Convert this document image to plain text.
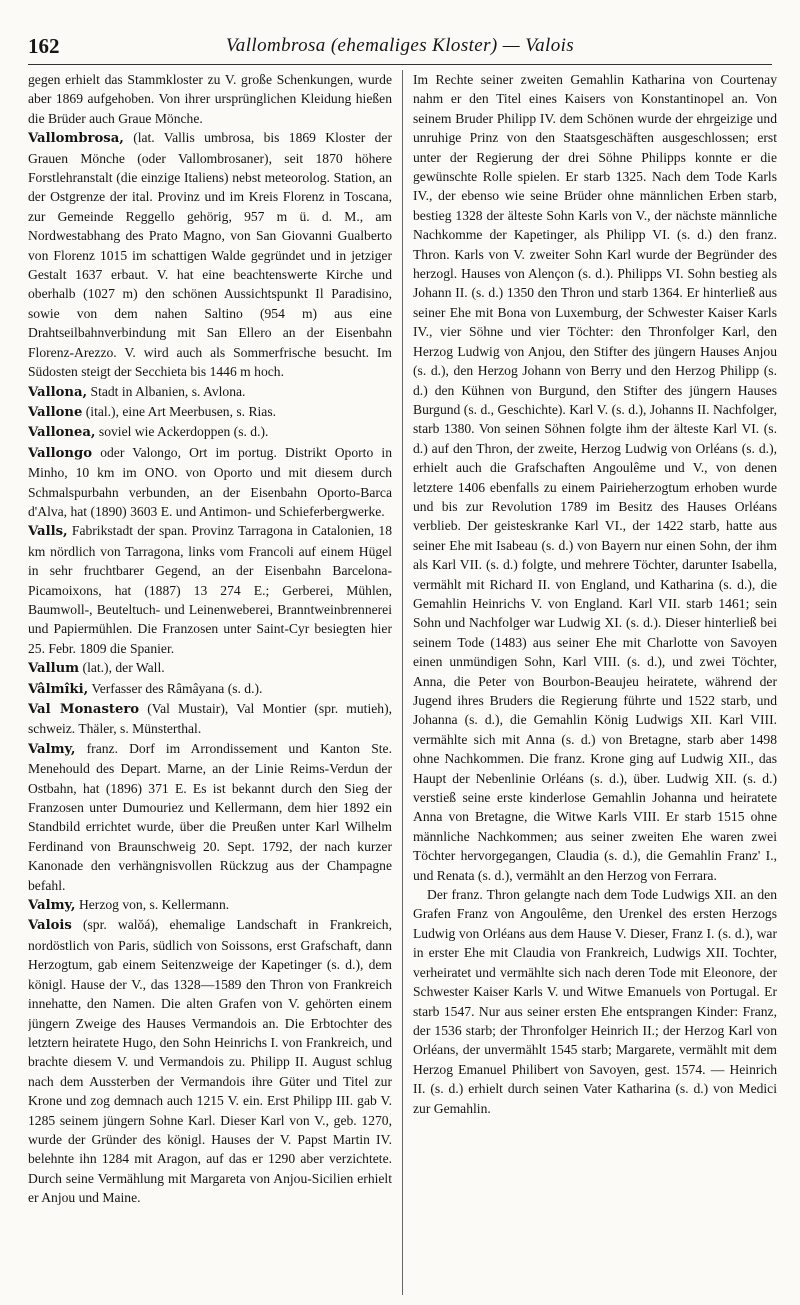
162	Vallombrosa (ehemaliges Kloster) — Valois

gegen erhielt das Stammkloster zu V. große Schenkungen, wurde aber 1869 aufgehoben. Von ihrer ursprünglichen Kleidung hießen die Brüder auch Graue Mönche.

Vallombrosa, (lat. Vallis umbrosa, bis 1869 Kloster der Grauen Mönche (oder Vallombrosaner), seit 1870 höhere Forstlehranstalt (die einzige Italiens) nebst meteorolog. Station, an der Ostgrenze der ital. Provinz und im Kreis Florenz in Toscana, zur Gemeinde Reggello gehörig, 957 m ü. d. M., am Nordwestabhang des Prato Magno, von San Giovanni Gualberto von Florenz 1015 im schattigen Walde gegründet und in jetziger Gestalt 1637 erbaut. V. hat eine beachtenswerte Kirche und oberhalb (1027 m) den schönen Aussichtspunkt Il Paradisino, sowie von dem nahen Saltino (954 m) aus eine Drahtseilbahnverbindung mit San Ellero an der Eisenbahn Florenz-Arezzo. V. wird auch als Sommerfrische besucht. Im Südosten steigt der Secchieta bis 1446 m hoch.

Vallona, Stadt in Albanien, s. Avlona.

Vallone (ital.), eine Art Meerbusen, s. Rias.

Vallonea, soviel wie Ackerdoppen (s. d.).

Vallongo oder Valongo, Ort im portug. Distrikt Oporto in Minho, 10 km im ONO. von Oporto und mit diesem durch Schmalspurbahn verbunden, an der Eisenbahn Oporto-Barca d'Alva, hat (1890) 3603 E. und Antimon- und Schieferbergwerke.

Valls, Fabrikstadt der span. Provinz Tarragona in Catalonien, 18 km nördlich von Tarragona, links vom Francoli auf einem Hügel in sehr fruchtbarer Gegend, an der Eisenbahn Barcelona-Picamoixons, hat (1887) 13 274 E.; Gerberei, Mühlen, Baumwoll-, Beuteltuch- und Leinenweberei, Branntweinbrennerei und Papiermühlen. Die Franzosen unter Saint-Cyr besiegten hier 25. Febr. 1809 die Spanier.

Vallum (lat.), der Wall.

Vâlmîki, Verfasser des Râmâyana (s. d.).

Val Monastero (Val Mustair), Val Montier (spr. mutieh), schweiz. Thäler, s. Münsterthal.

Valmy, franz. Dorf im Arrondissement und Kanton Ste. Menehould des Depart. Marne, an der Linie Reims-Verdun der Ostbahn, hat (1896) 371 E. Es ist bekannt durch den Sieg der Franzosen unter Dumouriez und Kellermann, dem hier 1892 ein Standbild errichtet wurde, über die Preußen unter Karl Wilhelm Ferdinand von Braunschweig 20. Sept. 1792, der nach kurzer Kanonade den verhängnisvollen Rückzug aus der Champagne befahl.

Valmy, Herzog von, s. Kellermann.

Valois (spr. walŏá), ehemalige Landschaft in Frankreich, nordöstlich von Paris, südlich von Soissons, erst Grafschaft, dann Herzogtum, gab einem Seitenzweige der Kapetinger (s. d.), dem königl. Hause der V., das 1328—1589 den Thron von Frankreich innehatte, den Namen. Die alten Grafen von V. gehörten einem jüngern Zweige des Hauses Vermandois an. Die Erbtochter des letztern heiratete Hugo, den Sohn Heinrichs I. von Frankreich, und brachte diesem V. und Vermandois zu. Philipp II. August schlug nach dem Aussterben der Vermandois ihre Güter und Titel zur Krone und zog demnach auch 1215 V. ein. Erst Philipp III. gab V. 1285 seinem jüngern Sohne Karl. Dieser Karl von V., geb. 1270, wurde der Gründer des königl. Hauses der V. Papst Martin IV. belehnte ihn 1284 mit Aragon, auf das er 1290 aber verzichtete. Durch seine Vermählung mit Margareta von Anjou-Sicilien erhielt er Anjou und Maine.

Im Rechte seiner zweiten Gemahlin Katharina von Courtenay nahm er den Titel eines Kaisers von Konstantinopel an. Von seinem Bruder Philipp IV. dem Schönen wurde der ehrgeizige und unruhige Prinz von den Staatsgeschäften ausgeschlossen; erst unter der Regierung der drei Söhne Philipps konnte er die gewünschte Rolle spielen. Er starb 1325. Nach dem Tode Karls IV., der ebenso wie seine Brüder ohne männlichen Erben starb, bestieg 1328 der älteste Sohn Karls von V., der nächste männliche Nachkomme der Kapetinger, als Philipp VI. (s. d.) den franz. Thron. Karls von V. zweiter Sohn Karl wurde der Begründer des herzogl. Hauses von Alençon (s. d.). Philipps VI. Sohn bestieg als Johann II. (s. d.) 1350 den Thron und starb 1364. Er hinterließ aus seiner Ehe mit Bona von Luxemburg, der Schwester Kaiser Karls IV., vier Söhne und vier Töchter: den Thronfolger Karl, den Herzog Ludwig von Anjou, den Stifter des jüngern Hauses Anjou (s. d.), den Herzog Johann von Berry und den Herzog Philipp (s. d.) den Kühnen von Burgund, den Stifter des jüngern Hauses Burgund (s. d., Geschichte). Karl V. (s. d.), Johanns II. Nachfolger, starb 1380. Von seinen Söhnen folgte ihm der älteste Karl VI. (s. d.) auf den Thron, der zweite, Herzog Ludwig von Orléans (s. d.), erhielt auch die Grafschaften Angoulême und V., von denen letztere 1406 ebenfalls zu einem Pairieherzogtum erhoben wurde und bis zur Revolution 1789 im Besitz des Hauses Orléans verblieb. Der geisteskranke Karl VI., der 1422 starb, hatte aus seiner Ehe mit Isabeau (s. d.) von Bayern nur einen Sohn, der ihm als Karl VII. (s. d.) folgte, und mehrere Töchter, darunter Isabella, vermählt mit Richard II. von England, und Katharina (s. d.), die Gemahlin Heinrichs V. von England. Karl VII. starb 1461; sein Sohn und Nachfolger war Ludwig XI. (s. d.). Dieser hinterließ bei seinem Tode (1483) aus seiner Ehe mit Charlotte von Savoyen einen unmündigen Sohn, Karl VIII. (s. d.), und zwei Töchter, Anna, die Peter von Bourbon-Beaujeu heiratete, während der Jugend ihres Bruders die Regierung führte und 1522 starb, und Johanna (s. d.), die Gemahlin König Ludwigs XII. Karl VIII. vermählte sich mit Anna (s. d.) von Bretagne, starb aber 1498 ohne Nachkommen. Die franz. Krone ging auf Ludwig XII., das Haupt der Nebenlinie Orléans (s. d.), über. Ludwig XII. (s. d.) verstieß seine erste kinderlose Gemahlin Johanna und heiratete Anna von Bretagne, die Witwe Karls VIII. Er starb 1515 ohne männliche Nachkommen; aus seiner zweiten Ehe waren zwei Töchter hervorgegangen, Claudia (s. d.), die Gemahlin Franz' I., und Renata (s. d.), vermählt an den Herzog von Ferrara.

Der franz. Thron gelangte nach dem Tode Ludwigs XII. an den Grafen Franz von Angoulême, den Urenkel des ersten Herzogs Ludwig von Orléans aus dem Hause V. Dieser, Franz I. (s. d.), war in erster Ehe mit Claudia von Frankreich, Ludwigs XII. Tochter, verheiratet und vermählte sich nach deren Tode mit Eleonore, der Schwester Kaiser Karls V. und Witwe Emanuels von Portugal. Er starb 1547. Nur aus seiner ersten Ehe entsprangen Kinder: Franz, der 1536 starb; der Thronfolger Heinrich II.; der Herzog Karl von Orléans, der unvermählt 1545 starb; Margarete, vermählt mit dem Herzog Emanuel Philibert von Savoyen, gest. 1574. — Heinrich II. (s. d.) erhielt durch seinen Vater Katharina (s. d.) von Medici zur Gemahlin.
